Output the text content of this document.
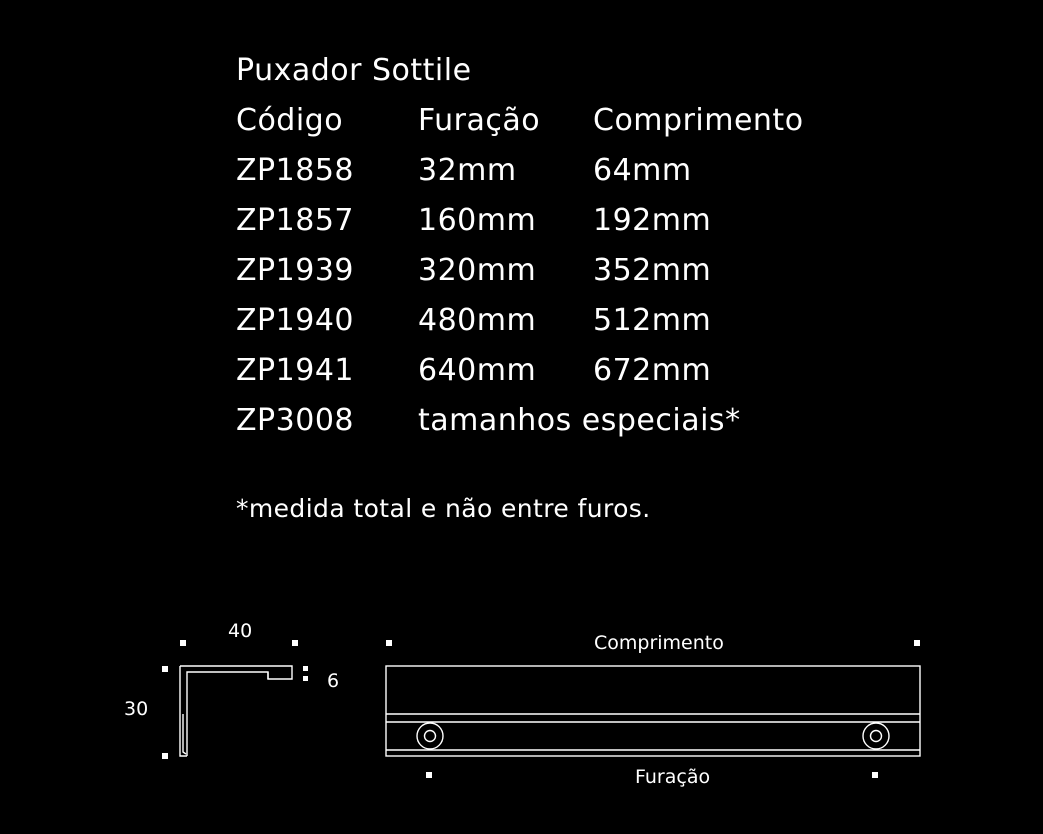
Puxador Sottile
Código	Furação	Comprimento
ZP1858	32mm	64mm
ZP1857	160mm	192mm
ZP1939	320mm	352mm
ZP1940	480mm	512mm
ZP1941	640mm	672mm
ZP3008	tamanhos especiais*
*medida total e não entre furos.
40
30
6
Comprimento
Furação
